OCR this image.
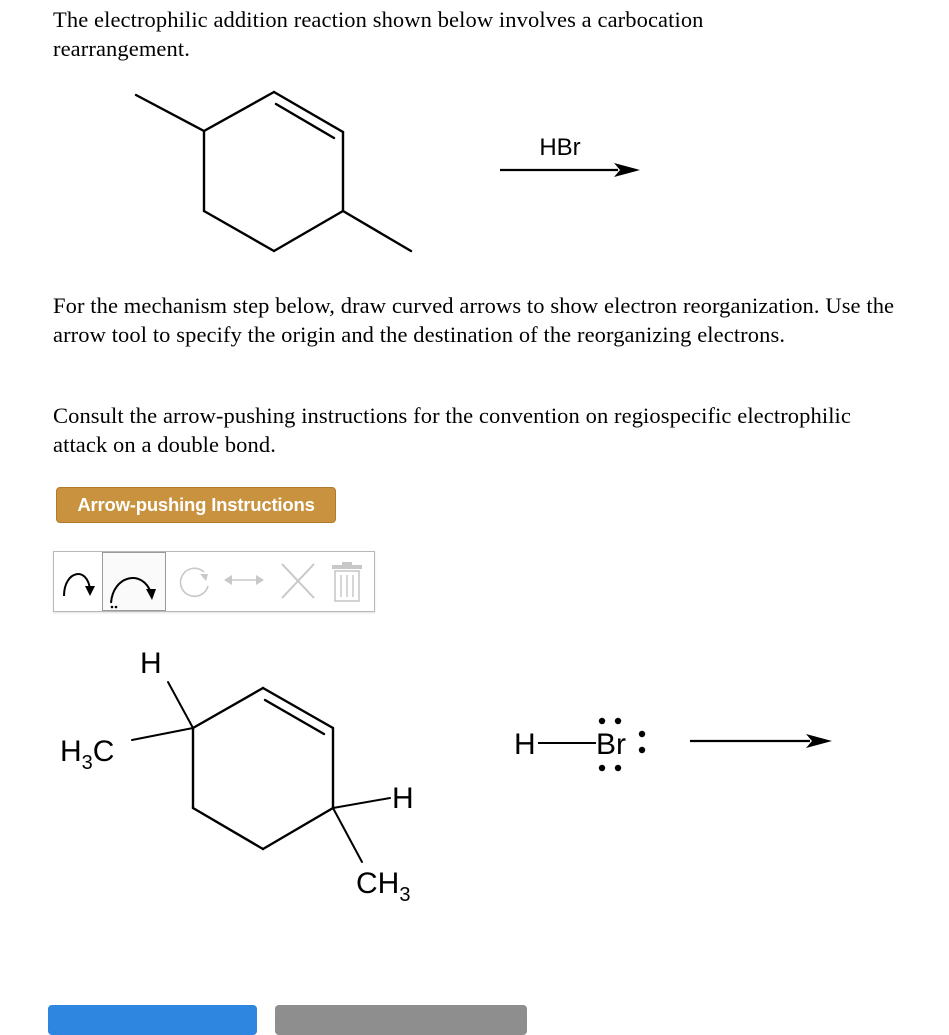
The electrophilic addition reaction shown below involves a carbocation rearrangement.

HBr

For the mechanism step below, draw curved arrows to show electron reorganization. Use the arrow tool to specify the origin and the destination of the reorganizing electrons.

Consult the arrow-pushing instructions for the convention on regiospecific electrophilic attack on a double bond.

Arrow-pushing Instructions
H
$H_3C$
H
$CH_3$
H Br
